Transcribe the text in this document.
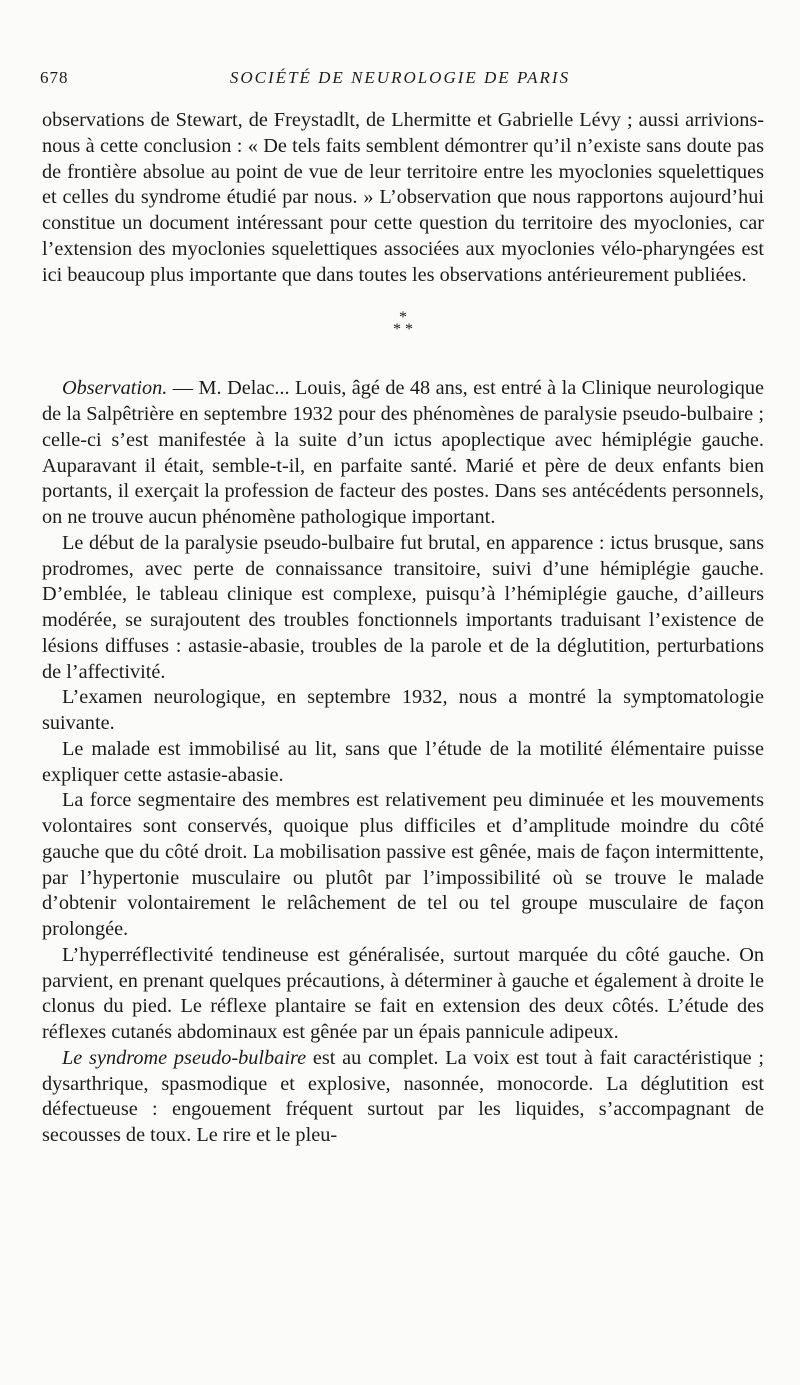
678	SOCIÉTÉ DE NEUROLOGIE DE PARIS

observations de Stewart, de Freystadlt, de Lhermitte et Gabrielle Lévy ; aussi arrivions-nous à cette conclusion : « De tels faits semblent démontrer qu’il n’existe sans doute pas de frontière absolue au point de vue de leur territoire entre les myoclonies squelettiques et celles du syndrome étudié par nous. » L’observation que nous rapportons aujourd’hui constitue un document intéressant pour cette question du territoire des myoclonies, car l’extension des myoclonies squelettiques associées aux myoclonies vélo-pharyngées est ici beaucoup plus importante que dans toutes les observations antérieurement publiées.

*
* *

Observation. — M. Delac... Louis, âgé de 48 ans, est entré à la Clinique neurologique de la Salpêtrière en septembre 1932 pour des phénomènes de paralysie pseudo-bulbaire ; celle-ci s’est manifestée à la suite d’un ictus apoplectique avec hémiplégie gauche. Auparavant il était, semble-t-il, en parfaite santé. Marié et père de deux enfants bien portants, il exerçait la profession de facteur des postes. Dans ses antécédents personnels, on ne trouve aucun phénomène pathologique important.

Le début de la paralysie pseudo-bulbaire fut brutal, en apparence : ictus brusque, sans prodromes, avec perte de connaissance transitoire, suivi d’une hémiplégie gauche. D’emblée, le tableau clinique est complexe, puisqu’à l’hémiplégie gauche, d’ailleurs modérée, se surajoutent des troubles fonctionnels importants traduisant l’existence de lésions diffuses : astasie-abasie, troubles de la parole et de la déglutition, perturbations de l’affectivité.

L’examen neurologique, en septembre 1932, nous a montré la symptomatologie suivante.

Le malade est immobilisé au lit, sans que l’étude de la motilité élémentaire puisse expliquer cette astasie-abasie.

La force segmentaire des membres est relativement peu diminuée et les mouvements volontaires sont conservés, quoique plus difficiles et d’amplitude moindre du côté gauche que du côté droit. La mobilisation passive est gênée, mais de façon intermittente, par l’hypertonie musculaire ou plutôt par l’impossibilité où se trouve le malade d’obtenir volontairement le relâchement de tel ou tel groupe musculaire de façon prolongée.

L’hyperréflectivité tendineuse est généralisée, surtout marquée du côté gauche. On parvient, en prenant quelques précautions, à déterminer à gauche et également à droite le clonus du pied. Le réflexe plantaire se fait en extension des deux côtés. L’étude des réflexes cutanés abdominaux est gênée par un épais pannicule adipeux.

Le syndrome pseudo-bulbaire est au complet. La voix est tout à fait caractéristique ; dysarthrique, spasmodique et explosive, nasonnée, monocorde. La déglutition est défectueuse : engouement fréquent surtout par les liquides, s’accompagnant de secousses de toux. Le rire et le pleu-
